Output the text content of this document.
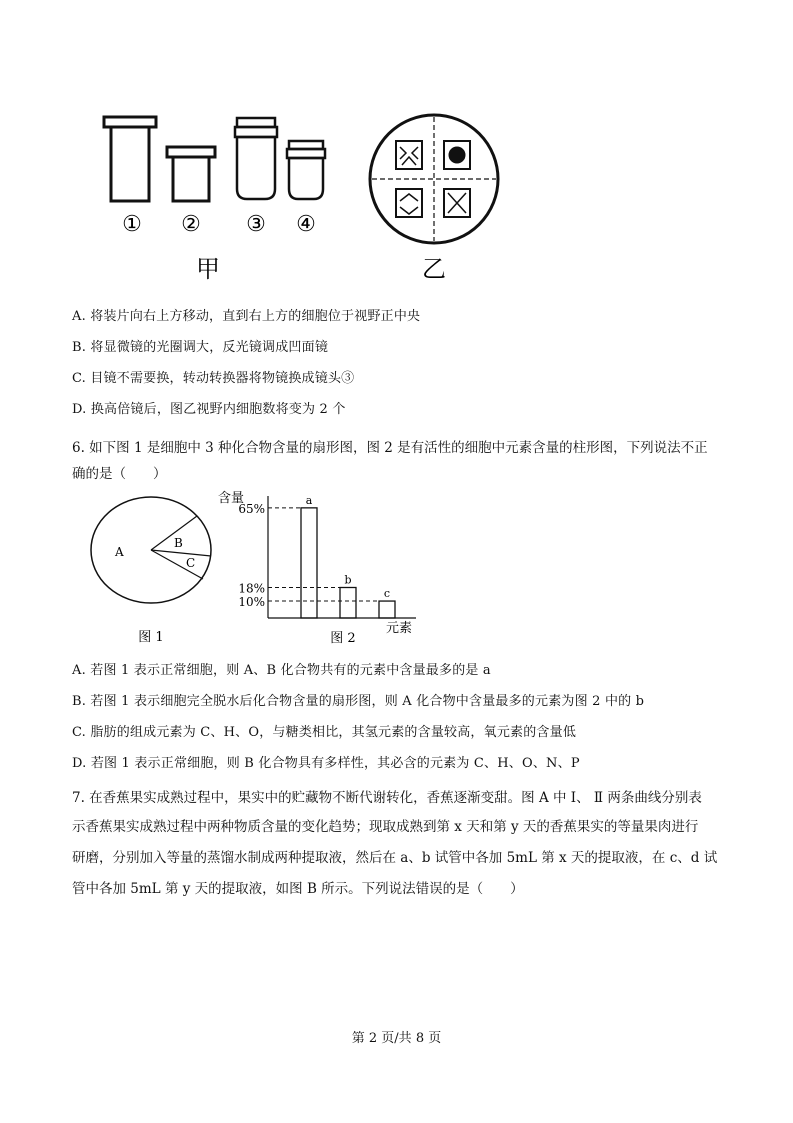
① ② ③ ④
甲	乙
A. 将装片向右上方移动，直到右上方的细胞位于视野正中央
B. 将显微镜的光圈调大，反光镜调成凹面镜
C. 目镜不需要换，转动转换器将物镜换成镜头③
D. 换高倍镜后，图乙视野内细胞数将变为 2 个
6. 如下图 1 是细胞中 3 种化合物含量的扇形图，图 2 是有活性的细胞中元素含量的柱形图，下列说法不正
确的是（　　）
A
B
C
图 1
含量	a
65%
b
18%	c
10%
元素
图 2
A. 若图 1 表示正常细胞，则 A、B 化合物共有的元素中含量最多的是 a
B. 若图 1 表示细胞完全脱水后化合物含量的扇形图，则 A 化合物中含量最多的元素为图 2 中的 b
C. 脂肪的组成元素为 C、H、O，与糖类相比，其氢元素的含量较高，氧元素的含量低
D. 若图 1 表示正常细胞，则 B 化合物具有多样性，其必含的元素为 C、H、O、N、P
7. 在香蕉果实成熟过程中，果实中的贮藏物不断代谢转化，香蕉逐渐变甜。图 A 中 Ⅰ、 Ⅱ 两条曲线分别表
示香蕉果实成熟过程中两种物质含量的变化趋势；现取成熟到第 x 天和第 y 天的香蕉果实的等量果肉进行
研磨，分别加入等量的蒸馏水制成两种提取液，然后在 a、b 试管中各加 5mL 第 x 天的提取液，在 c、d 试
管中各加 5mL 第 y 天的提取液，如图 B 所示。下列说法错误的是（　　）
第 2 页/共 8 页
